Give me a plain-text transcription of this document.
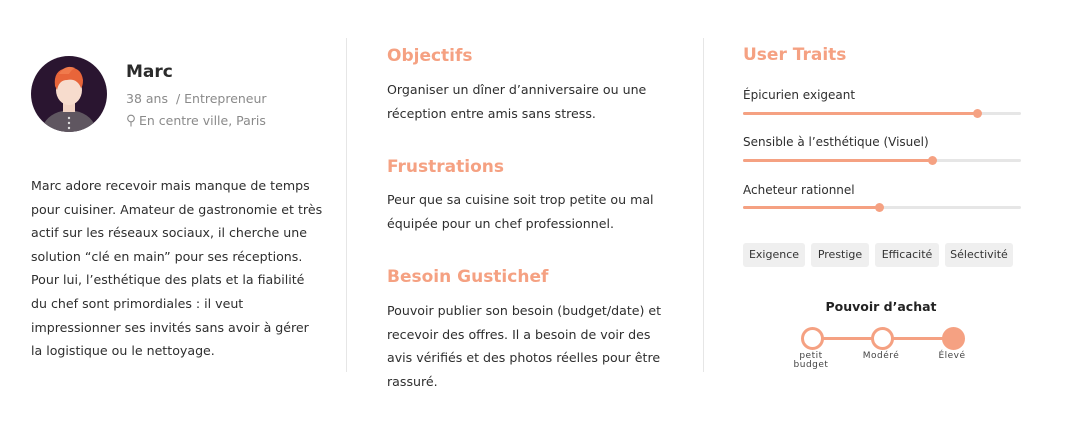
Marc
38 ans / Entrepreneur
En centre ville, Paris
Marc adore recevoir mais manque de temps pour cuisiner. Amateur de gastronomie et très actif sur les réseaux sociaux, il cherche une solution “clé en main” pour ses réceptions. Pour lui, l’esthétique des plats et la fiabilité du chef sont primordiales : il veut impressionner ses invités sans avoir à gérer la logistique ou le nettoyage.
Objectifs
Organiser un dîner d’anniversaire ou une réception entre amis sans stress.
Frustrations
Peur que sa cuisine soit trop petite ou mal équipée pour un chef professionnel.
Besoin Gustichef
Pouvoir publier son besoin (budget/date) et recevoir des offres. Il a besoin de voir des avis vérifiés et des photos réelles pour être rassuré.
User Traits
Épicurien exigeant
Sensible à l’esthétique (Visuel)
Acheteur rationnel
Exigence	Prestige	Efficacité	Sélectivité
Pouvoir d’achat
petit budget
Modéré	Élevé
